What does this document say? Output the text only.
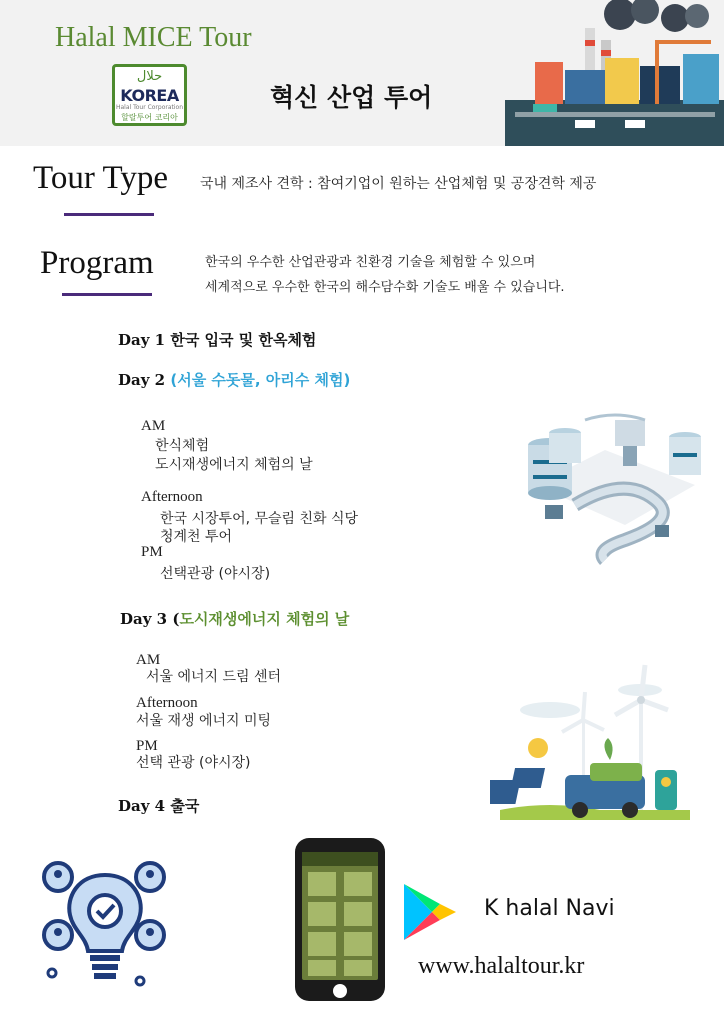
Halal MICE Tour
حلال
KOREA
Halal Tour Corporation
할랄투어 코리아
혁신 산업 투어
Tour Type 국내 제조사 견학 : 참여기업이 원하는 산업체험 및 공장견학 제공
Program	한국의 우수한 산업관광과 친환경 기술을 체험할 수 있으며
세계적으로 우수한 한국의 해수담수화 기술도 배울 수 있습니다.
Day 1 한국 입국 및 한옥체험
Day 2 (서울 수돗물, 아리수 체험)
AM
한식체험
도시재생에너지 체험의 날
Afternoon
한국 시장투어, 무슬림 친화 식당
청계천 투어
PM
선택관광 (야시장)
Day 3 (도시재생에너지 체험의 날
AM
서울 에너지 드림 센터
Afternoon
서울 재생 에너지 미팅
PM
선택 관광 (야시장)
Day 4 출국
K halal Navi
www.halaltour.kr
